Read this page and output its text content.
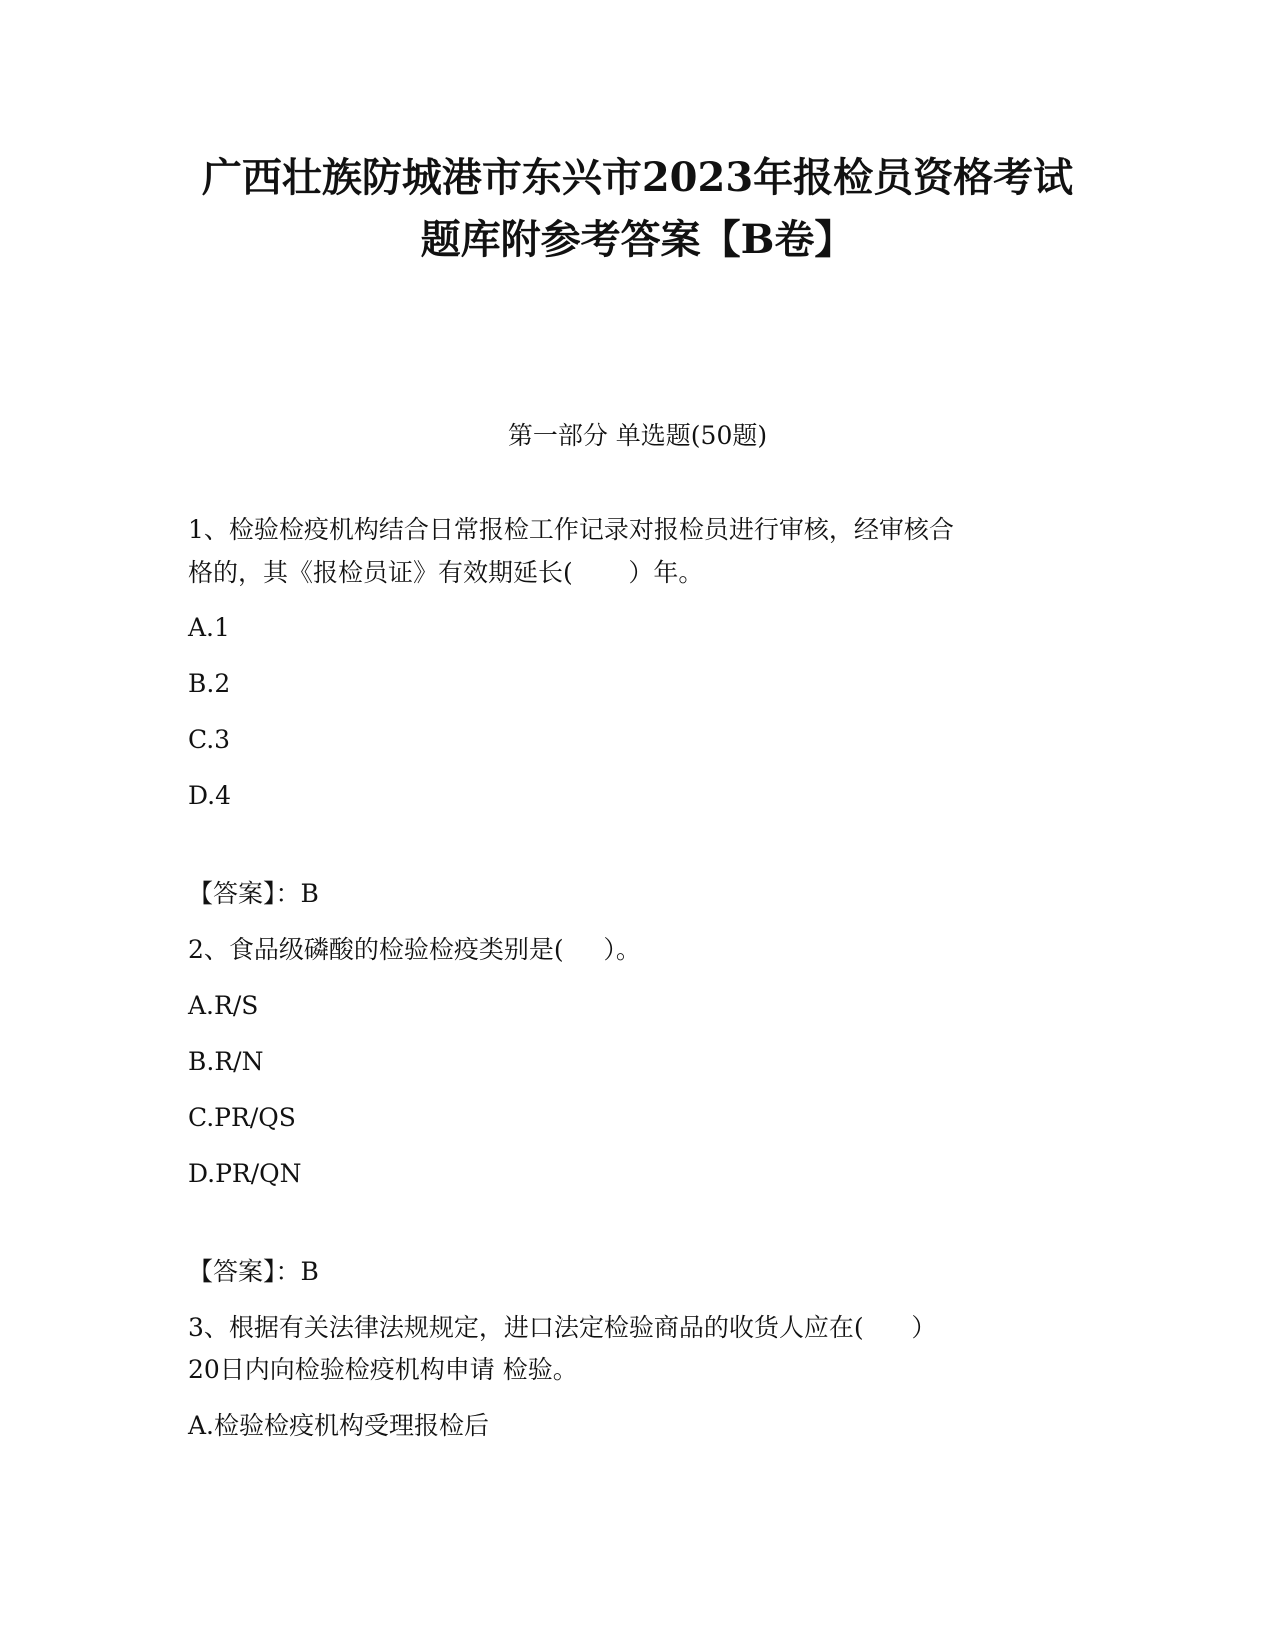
广西壮族防城港市东兴市2023年报检员资格考试
题库附参考答案【B卷】
第一部分 单选题(50题)
1、检验检疫机构结合日常报检工作记录对报检员进行审核，经审核合
格的，其《报检员证》有效期延长(       ）年。
A.1
B.2
C.3
D.4
【答案】：B
2、食品级磷酸的检验检疫类别是(     ）。
A.R/S
B.R/N
C.PR/QS
D.PR/QN
【答案】：B
3、根据有关法律法规规定，进口法定检验商品的收货人应在(      ）
20日内向检验检疫机构申请 检验。
A.检验检疫机构受理报检后
